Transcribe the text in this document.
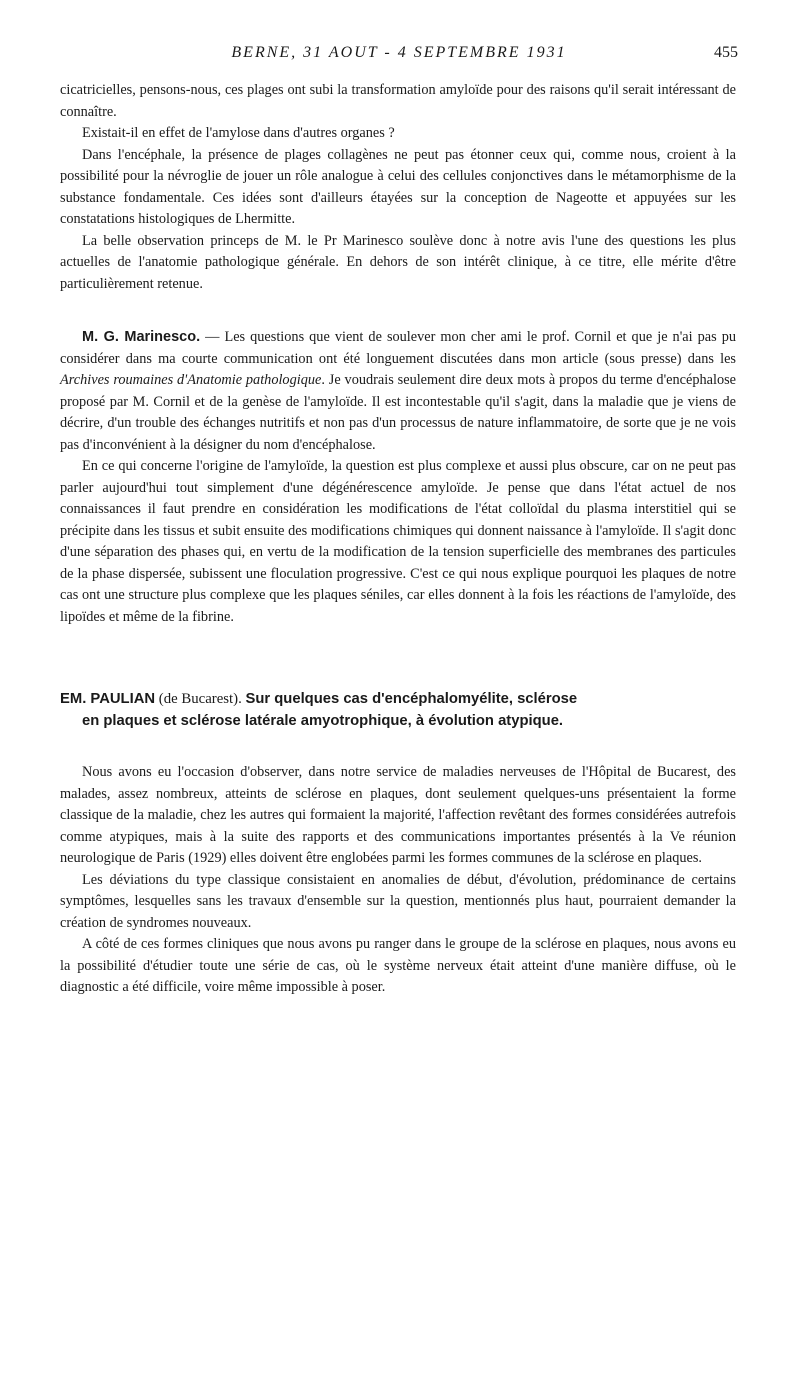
BERNE, 31 AOUT - 4 SEPTEMBRE 1931	455

cicatricielles, pensons-nous, ces plages ont subi la transformation amyloïde pour des raisons qu'il serait intéressant de connaître.

Existait-il en effet de l'amylose dans d'autres organes ?

Dans l'encéphale, la présence de plages collagènes ne peut pas étonner ceux qui, comme nous, croient à la possibilité pour la névroglie de jouer un rôle analogue à celui des cellules conjonctives dans le métamorphisme de la substance fondamentale. Ces idées sont d'ailleurs étayées sur la conception de Nageotte et appuyées sur les constatations histologiques de Lhermitte.

La belle observation princeps de M. le Pr Marinesco soulève donc à notre avis l'une des questions les plus actuelles de l'anatomie pathologique générale. En dehors de son intérêt clinique, à ce titre, elle mérite d'être particulièrement retenue.

M. G. Marinesco. — Les questions que vient de soulever mon cher ami le prof. Cornil et que je n'ai pas pu considérer dans ma courte communication ont été longuement discutées dans mon article (sous presse) dans les Archives roumaines d'Anatomie pathologique. Je voudrais seulement dire deux mots à propos du terme d'encéphalose proposé par M. Cornil et de la genèse de l'amyloïde. Il est incontestable qu'il s'agit, dans la maladie que je viens de décrire, d'un trouble des échanges nutritifs et non pas d'un processus de nature inflammatoire, de sorte que je ne vois pas d'inconvénient à la désigner du nom d'encéphalose.

En ce qui concerne l'origine de l'amyloïde, la question est plus complexe et aussi plus obscure, car on ne peut pas parler aujourd'hui tout simplement d'une dégénérescence amyloïde. Je pense que dans l'état actuel de nos connaissances il faut prendre en considération les modifications de l'état colloïdal du plasma interstitiel qui se précipite dans les tissus et subit ensuite des modifications chimiques qui donnent naissance à l'amyloïde. Il s'agit donc d'une séparation des phases qui, en vertu de la modification de la tension superficielle des membranes des particules de la phase dispersée, subissent une floculation progressive. C'est ce qui nous explique pourquoi les plaques de notre cas ont une structure plus complexe que les plaques séniles, car elles donnent à la fois les réactions de l'amyloïde, des lipoïdes et même de la fibrine.

EM. PAULIAN (de Bucarest). Sur quelques cas d'encéphalomyélite, sclérose
en plaques et sclérose latérale amyotrophique, à évolution atypique.

Nous avons eu l'occasion d'observer, dans notre service de maladies nerveuses de l'Hôpital de Bucarest, des malades, assez nombreux, atteints de sclérose en plaques, dont seulement quelques-uns présentaient la forme classique de la maladie, chez les autres qui formaient la majorité, l'affection revêtant des formes considérées autrefois comme atypiques, mais à la suite des rapports et des communications importantes présentés à la Ve réunion neurologique de Paris (1929) elles doivent être englobées parmi les formes communes de la sclérose en plaques.

Les déviations du type classique consistaient en anomalies de début, d'évolution, prédominance de certains symptômes, lesquelles sans les travaux d'ensemble sur la question, mentionnés plus haut, pourraient demander la création de syndromes nouveaux.

A côté de ces formes cliniques que nous avons pu ranger dans le groupe de la sclérose en plaques, nous avons eu la possibilité d'étudier toute une série de cas, où le système nerveux était atteint d'une manière diffuse, où le diagnostic a été difficile, voire même impossible à poser.
